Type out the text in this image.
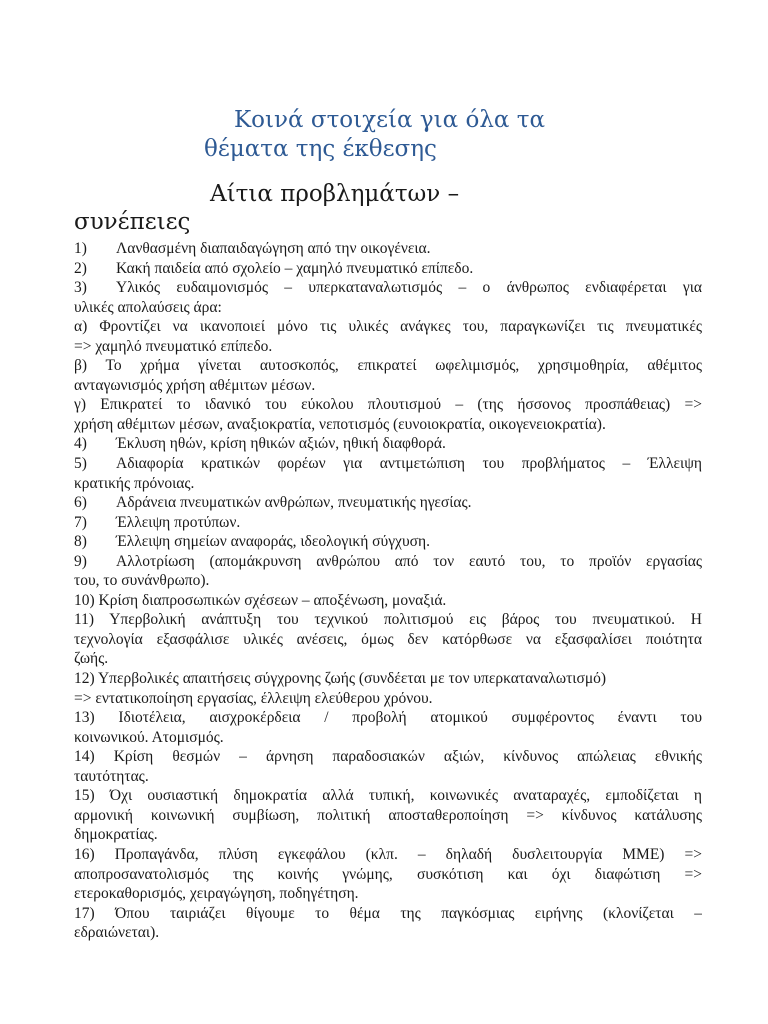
Κοινά στοιχεία για όλα τα
θέματα της έκθεσης
Αίτια προβλημάτων –
συνέπειες
1) Λανθασμένη διαπαιδαγώγηση από την οικογένεια.
2) Κακή παιδεία από σχολείο – χαμηλό πνευματικό επίπεδο.
3) Υλικός ευδαιμονισμός – υπερκαταναλωτισμός – ο άνθρωπος ενδιαφέρεται για
υλικές απολαύσεις άρα:
α) Φροντίζει να ικανοποιεί μόνο τις υλικές ανάγκες του, παραγκωνίζει τις πνευματικές
=> χαμηλό πνευματικό επίπεδο.
β) Το χρήμα γίνεται αυτοσκοπός, επικρατεί ωφελιμισμός, χρησιμοθηρία, αθέμιτος
ανταγωνισμός χρήση αθέμιτων μέσων.
γ) Επικρατεί το ιδανικό του εύκολου πλουτισμού – (της ήσσονος προσπάθειας) =>
χρήση αθέμιτων μέσων, αναξιοκρατία, νεποτισμός (ευνοιοκρατία, οικογενειοκρατία).
4) Έκλυση ηθών, κρίση ηθικών αξιών, ηθική διαφθορά.
5) Αδιαφορία κρατικών φορέων για αντιμετώπιση του προβλήματος – Έλλειψη
κρατικής πρόνοιας.
6) Αδράνεια πνευματικών ανθρώπων, πνευματικής ηγεσίας.
7) Έλλειψη προτύπων.
8) Έλλειψη σημείων αναφοράς, ιδεολογική σύγχυση.
9) Αλλοτρίωση (απομάκρυνση ανθρώπου από τον εαυτό του, το προϊόν εργασίας
του, το συνάνθρωπο).
10) Κρίση διαπροσωπικών σχέσεων – αποξένωση, μοναξιά.
11) Υπερβολική ανάπτυξη του τεχνικού πολιτισμού εις βάρος του πνευματικού. Η
τεχνολογία εξασφάλισε υλικές ανέσεις, όμως δεν κατόρθωσε να εξασφαλίσει ποιότητα
ζωής.
12) Υπερβολικές απαιτήσεις σύγχρονης ζωής (συνδέεται με τον υπερκαταναλωτισμό)
=> εντατικοποίηση εργασίας, έλλειψη ελεύθερου χρόνου.
13) Ιδιοτέλεια, αισχροκέρδεια / προβολή ατομικού συμφέροντος έναντι του
κοινωνικού. Ατομισμός.
14) Κρίση θεσμών – άρνηση παραδοσιακών αξιών, κίνδυνος απώλειας εθνικής
ταυτότητας.
15) Όχι ουσιαστική δημοκρατία αλλά τυπική, κοινωνικές αναταραχές, εμποδίζεται η
αρμονική κοινωνική συμβίωση, πολιτική αποσταθεροποίηση => κίνδυνος κατάλυσης
δημοκρατίας.
16) Προπαγάνδα, πλύση εγκεφάλου (κλπ. – δηλαδή δυσλειτουργία ΜΜΕ) =>
αποπροσανατολισμός της κοινής γνώμης, συσκότιση και όχι διαφώτιση =>
ετεροκαθορισμός, χειραγώγηση, ποδηγέτηση.
17) Όπου ταιριάζει θίγουμε το θέμα της παγκόσμιας ειρήνης (κλονίζεται –
εδραιώνεται).
